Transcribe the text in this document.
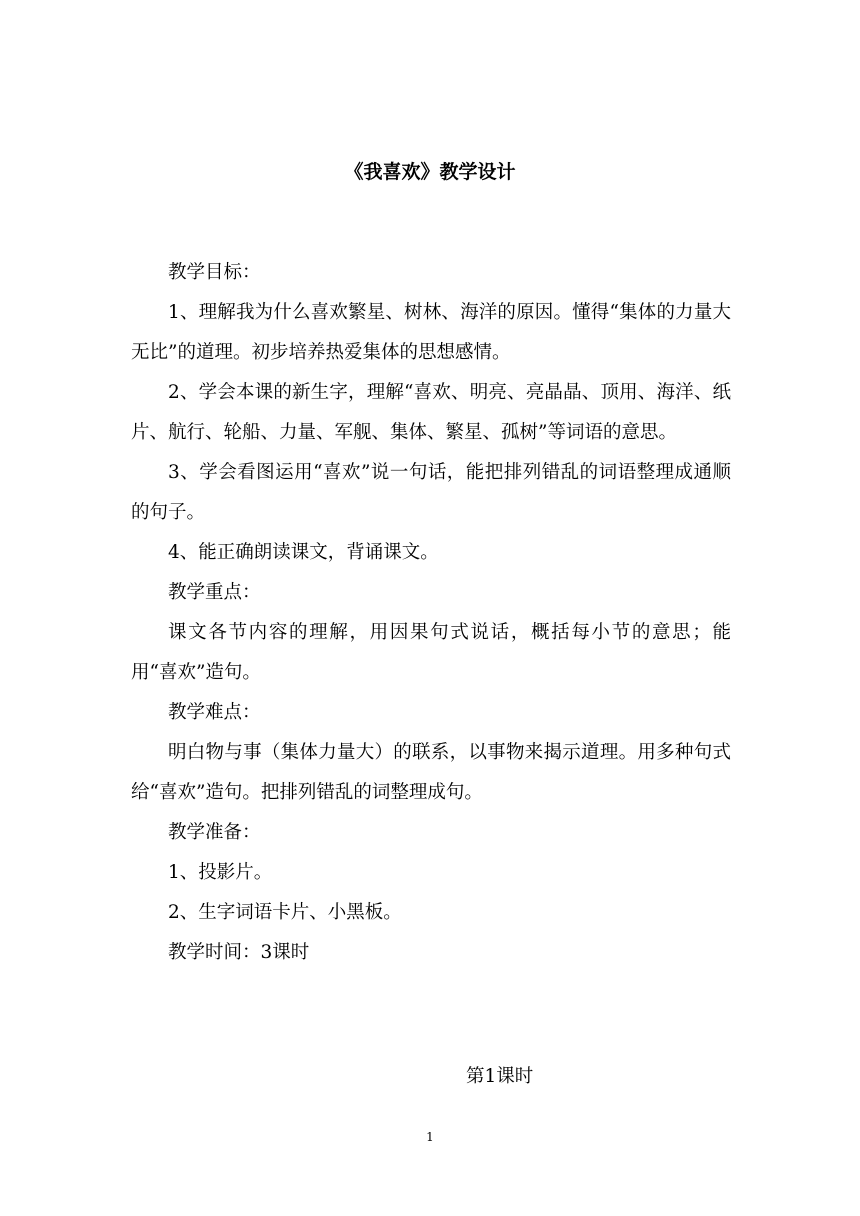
《我喜欢》教学设计

教学目标：

1、理解我为什么喜欢繁星、树林、海洋的原因。懂得“集体的力量大无比”的道理。初步培养热爱集体的思想感情。

2、学会本课的新生字，理解“喜欢、明亮、亮晶晶、顶用、海洋、纸片、航行、轮船、力量、军舰、集体、繁星、孤树”等词语的意思。

3、学会看图运用“喜欢”说一句话，能把排列错乱的词语整理成通顺的句子。

4、能正确朗读课文，背诵课文。

教学重点：

课文各节内容的理解，用因果句式说话，概括每小节的意思；能用“喜欢”造句。

教学难点：

明白物与事（集体力量大）的联系，以事物来揭示道理。用多种句式给“喜欢”造句。把排列错乱的词整理成句。

教学准备：

1、投影片。

2、生字词语卡片、小黑板。

教学时间：3课时

第1课时
1
